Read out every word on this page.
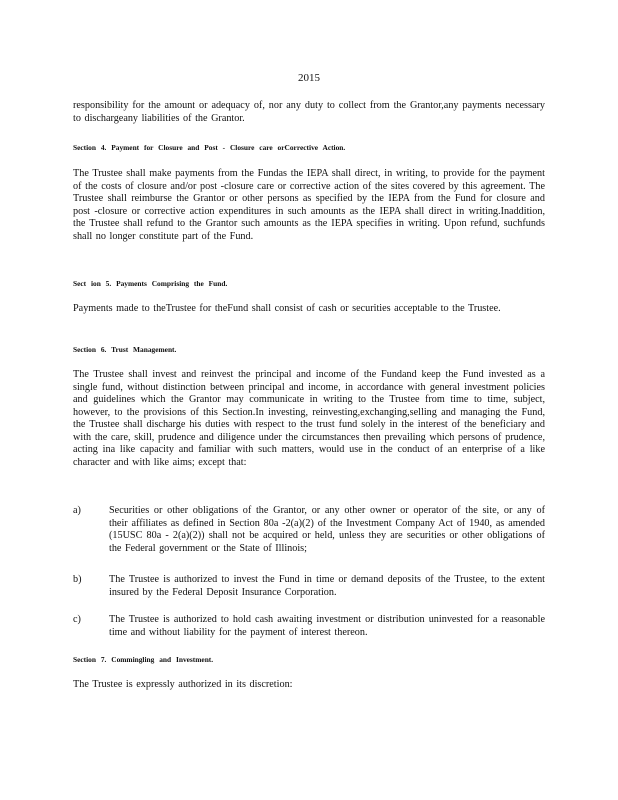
2015
responsibility for the amount or adequacy of, nor any duty to collect from the Grantor,any payments necessary to dischargeany liabilities of the Grantor.
Section 4. Payment for Closure and Post - Closure care orCorrective Action.
The Trustee shall make payments from the Fundas the IEPA shall direct, in writing, to provide for the payment of the costs of closure and/or post -closure care or corrective action of the sites covered by this agreement. The Trustee shall reimburse the Grantor or other persons as specified by the IEPA from the Fund for closure and post -closure or corrective action expenditures in such amounts as the IEPA shall direct in writing.Inaddition, the Trustee shall refund to the Grantor such amounts as the IEPA specifies in writing. Upon refund, suchfunds shall no longer constitute part of the Fund.
Sect ion 5. Payments Comprising the Fund.
Payments made to theTrustee for theFund shall consist of cash or securities acceptable to the Trustee.
Section 6. Trust Management.
The Trustee shall invest and reinvest the principal and income of the Fundand keep the Fund invested as a single fund, without distinction between principal and income, in accordance with general investment policies and guidelines which the Grantor may communicate in writing to the Trustee from time to time, subject, however, to the provisions of this Section.In investing, reinvesting,exchanging,selling and managing the Fund, the Trustee shall discharge his duties with respect to the trust fund solely in the interest of the beneficiary and with the care, skill, prudence and diligence under the circumstances then prevailing which persons of prudence, acting ina like capacity and familiar with such matters, would use in the conduct of an enterprise of a like character and with like aims; except that:
a)	Securities or other obligations of the Grantor, or any other owner or operator of the site, or any of their affiliates as defined in Section 80a -2(a)(2) of the Investment Company Act of 1940, as amended (15USC 80a - 2(a)(2)) shall not be acquired or held, unless they are securities or other obligations of the Federal government or the State of Illinois;
b)	The Trustee is authorized to invest the Fund in time or demand deposits of the Trustee, to the extent insured by the Federal Deposit Insurance Corporation.
c)	The Trustee is authorized to hold cash awaiting investment or distribution uninvested for a reasonable time and without liability for the payment of interest thereon.
Section 7. Commingling and Investment.
The Trustee is expressly authorized in its discretion:
